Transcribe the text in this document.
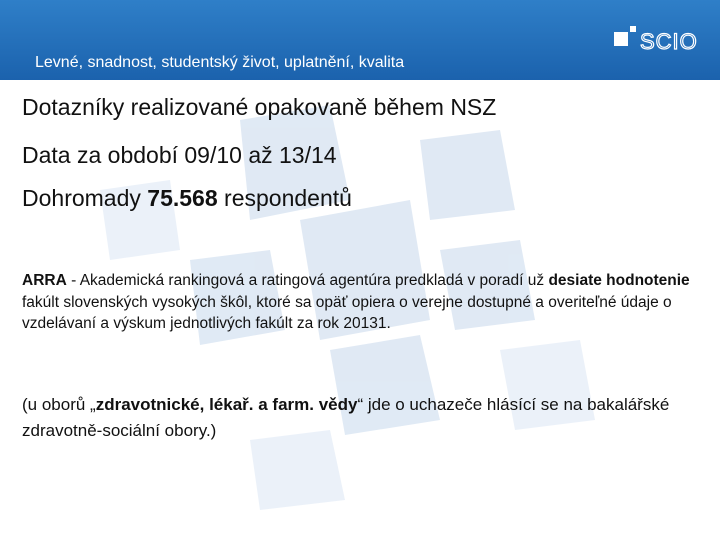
Levné, snadnost, studentský život, uplatnění, kvalita
SCIO
Dotazníky realizované opakovaně během NSZ
Data za období 09/10 až 13/14
Dohromady 75.568 respondentů
ARRA - Akademická rankingová a ratingová agentúra predkladá v poradí už desiate hodnotenie fakúlt slovenských vysokých škôl, ktoré sa opäť opiera o verejne dostupné a overiteľné údaje o vzdelávaní a výskum jednotlivých fakúlt za rok 20131.
(u oborů „zdravotnické, lékař. a farm. vědy“ jde o uchazeče hlásící se na bakalářské zdravotně-sociální obory.)
